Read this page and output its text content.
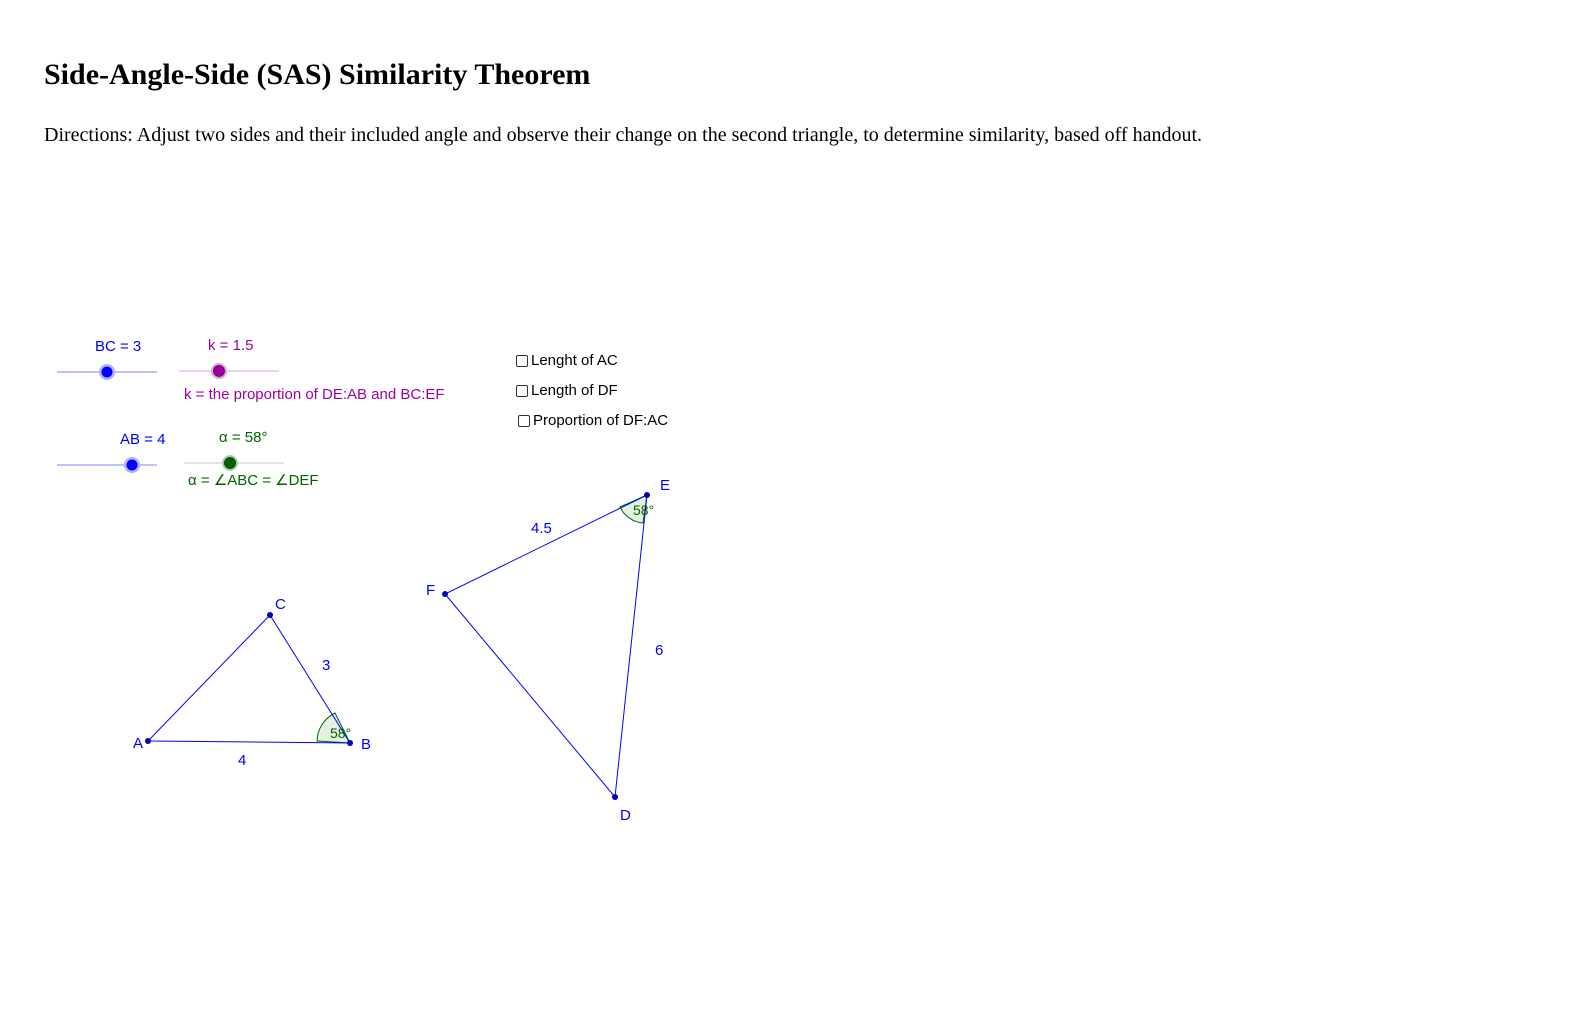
Side-Angle-Side (SAS) Similarity Theorem

Directions: Adjust two sides and their included angle and observe their change on the second triangle, to determine similarity, based off handout.

BC = 3	k = 1.5
k = the proportion of DE:AB and BC:EF
AB = 4	α = 58°
α = ∠ABC = ∠DEF
A	B
C
4
3
58°
D
E
F
4.5
6
58°
Lenght of AC
Length of DF
Proportion of DF:AC
